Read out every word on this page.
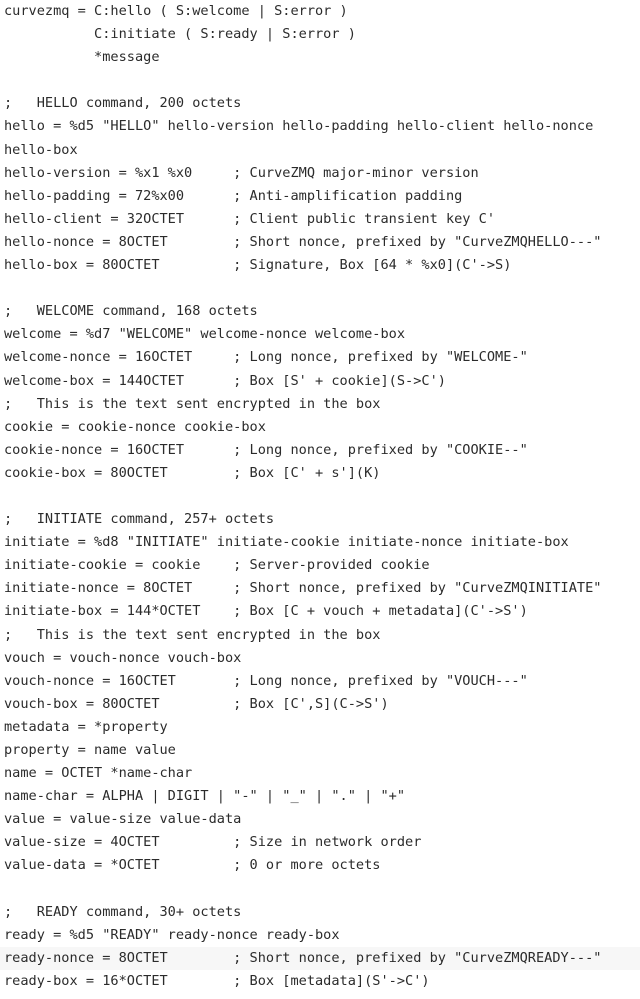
curvezmq = C:hello ( S:welcome | S:error )
C:initiate ( S:ready | S:error )
*message
;   HELLO command, 200 octets
hello = %d5 "HELLO" hello-version hello-padding hello-client hello-nonce
hello-box
hello-version = %x1 %x0     ; CurveZMQ major-minor version
hello-padding = 72%x00      ; Anti-amplification padding
hello-client = 32OCTET      ; Client public transient key C'
hello-nonce = 8OCTET        ; Short nonce, prefixed by "CurveZMQHELLO---"
hello-box = 80OCTET         ; Signature, Box [64 * %x0](C'->S)
;   WELCOME command, 168 octets
welcome = %d7 "WELCOME" welcome-nonce welcome-box
welcome-nonce = 16OCTET     ; Long nonce, prefixed by "WELCOME-"
welcome-box = 144OCTET      ; Box [S' + cookie](S->C')
;   This is the text sent encrypted in the box
cookie = cookie-nonce cookie-box
cookie-nonce = 16OCTET      ; Long nonce, prefixed by "COOKIE--"
cookie-box = 80OCTET        ; Box [C' + s'](K)
;   INITIATE command, 257+ octets
initiate = %d8 "INITIATE" initiate-cookie initiate-nonce initiate-box
initiate-cookie = cookie    ; Server-provided cookie
initiate-nonce = 8OCTET     ; Short nonce, prefixed by "CurveZMQINITIATE"
initiate-box = 144*OCTET    ; Box [C + vouch + metadata](C'->S')
;   This is the text sent encrypted in the box
vouch = vouch-nonce vouch-box
vouch-nonce = 16OCTET       ; Long nonce, prefixed by "VOUCH---"
vouch-box = 80OCTET         ; Box [C',S](C->S')
metadata = *property
property = name value
name = OCTET *name-char
name-char = ALPHA | DIGIT | "-" | "_" | "." | "+"
value = value-size value-data
value-size = 4OCTET         ; Size in network order
value-data = *OCTET         ; 0 or more octets
;   READY command, 30+ octets
ready = %d5 "READY" ready-nonce ready-box
ready-nonce = 8OCTET        ; Short nonce, prefixed by "CurveZMQREADY---"
ready-box = 16*OCTET        ; Box [metadata](S'->C')
